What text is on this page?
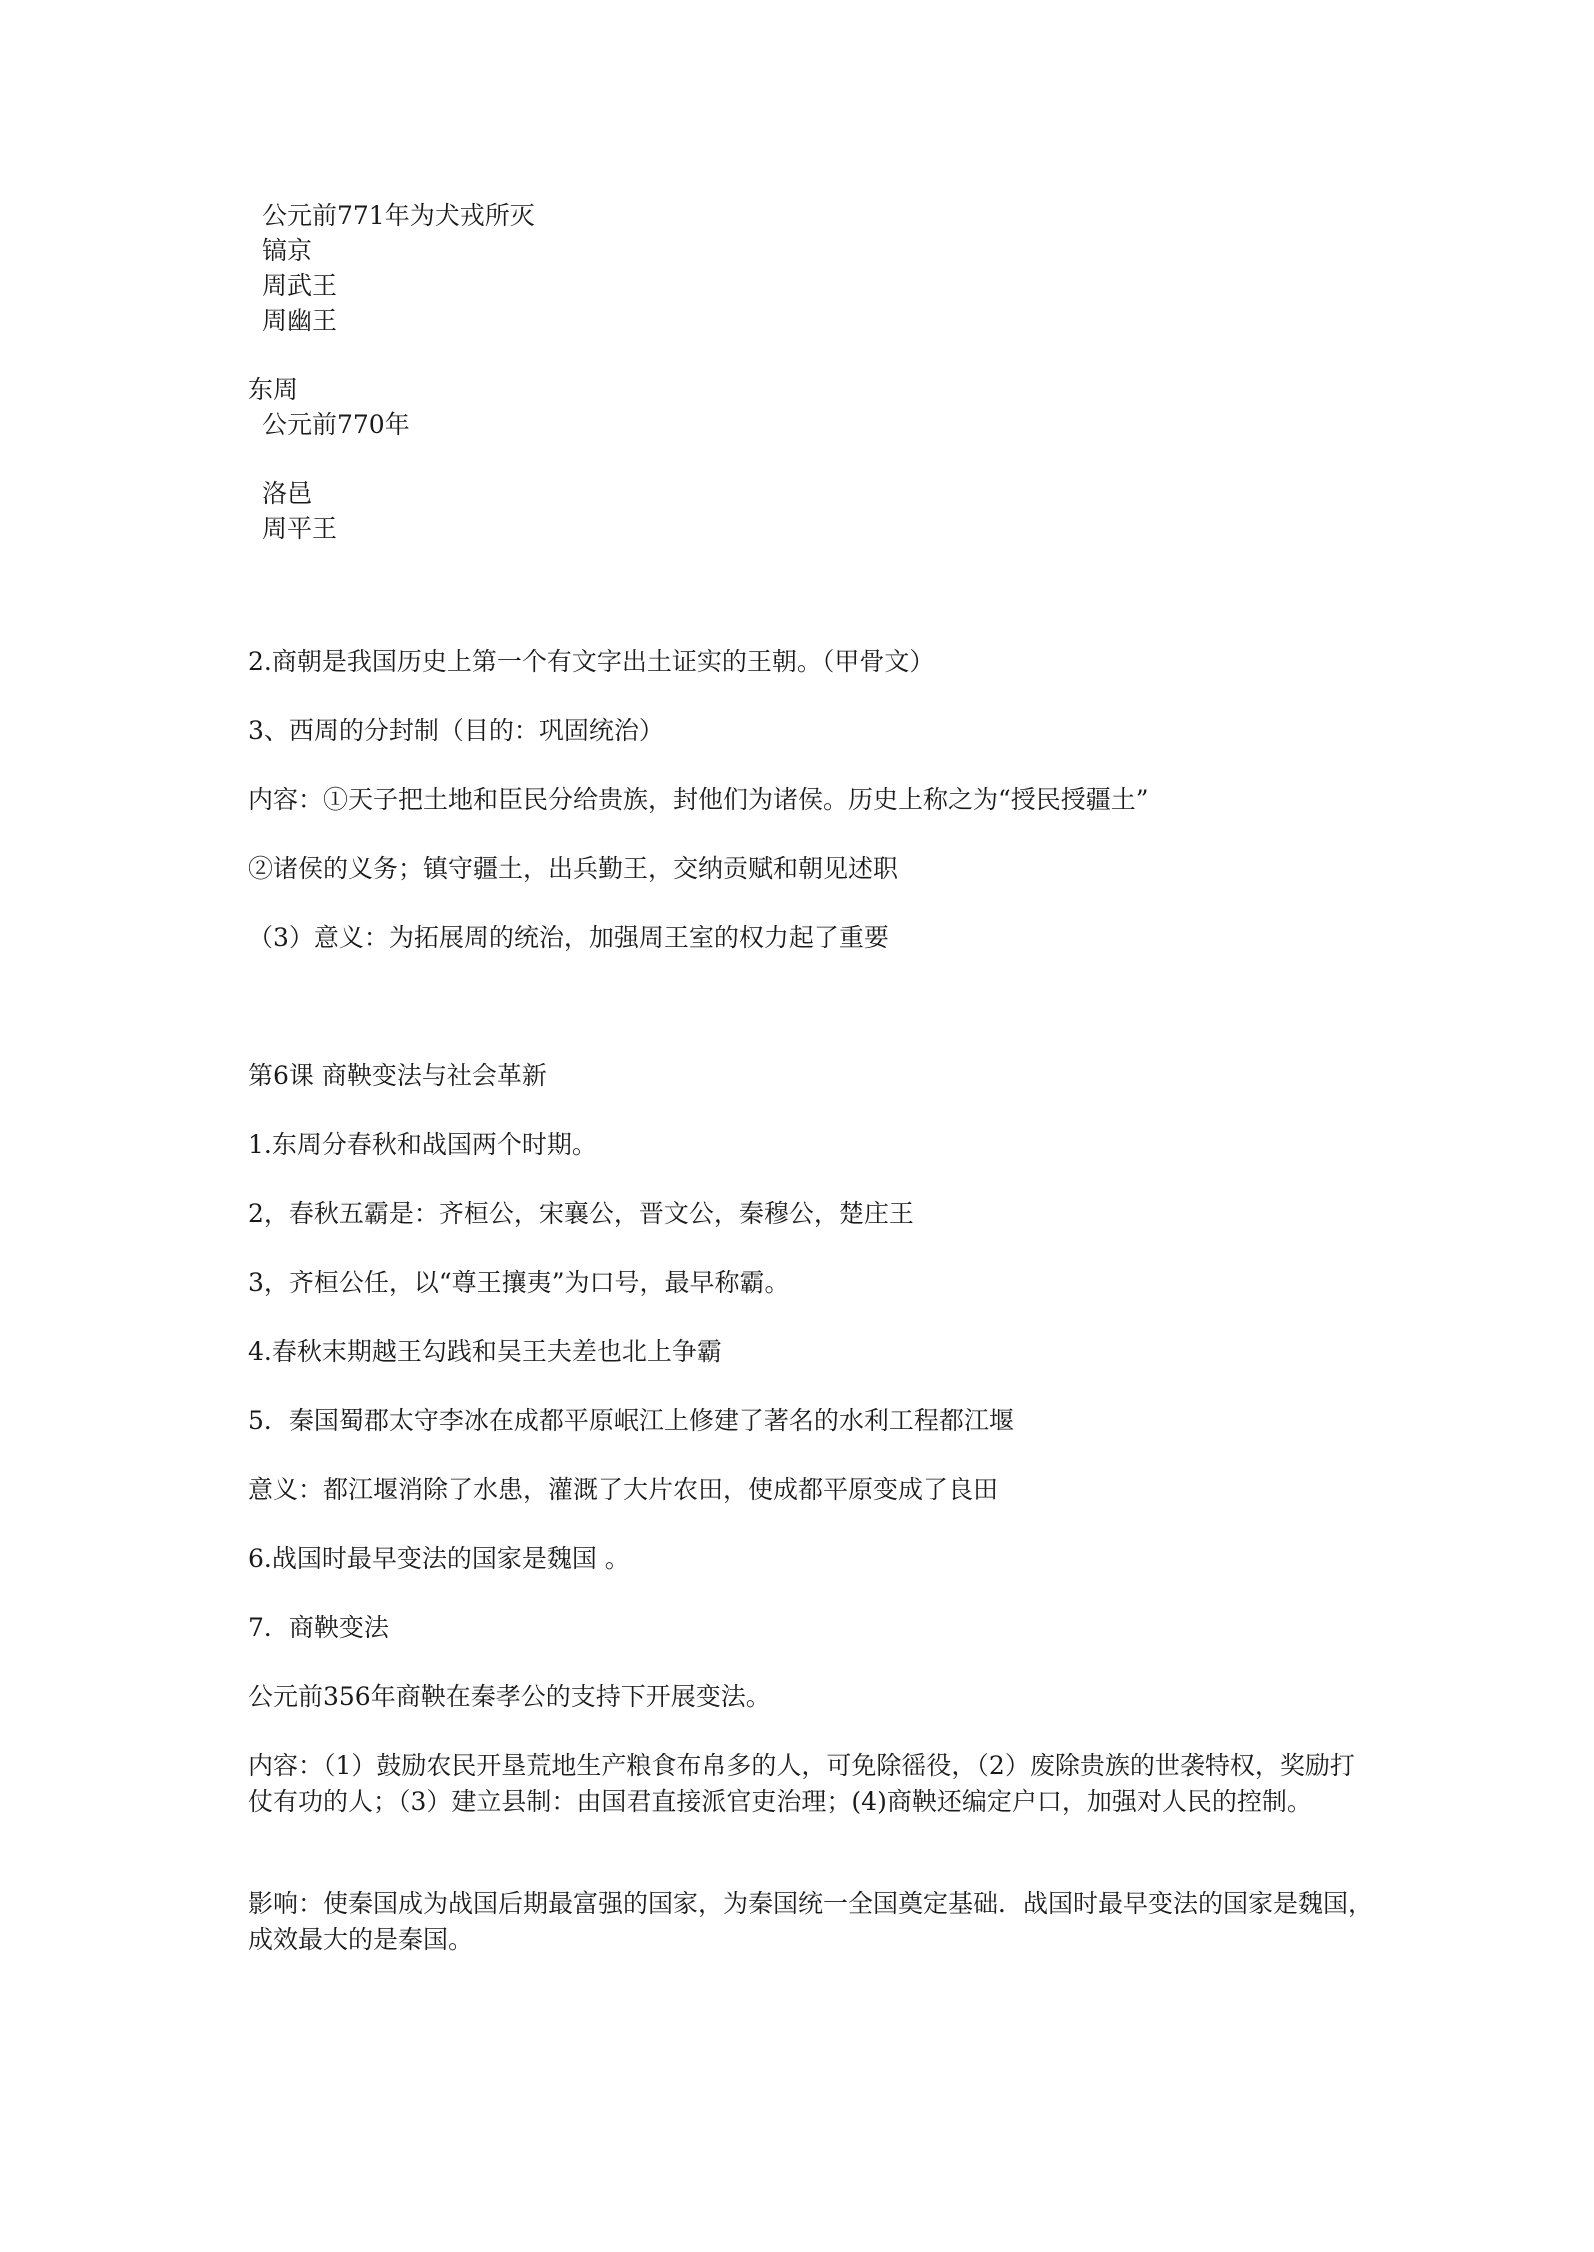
公元前771年为犬戎所灭
镐京
周武王
周幽王
东周
公元前770年
洛邑
周平王
2.商朝是我国历史上第一个有文字出土证实的王朝。（甲骨文）
3、西周的分封制（目的：巩固统治）
内容：①天子把土地和臣民分给贵族，封他们为诸侯。历史上称之为“授民授疆土”
②诸侯的义务；镇守疆土，出兵勤王，交纳贡赋和朝见述职
（3）意义：为拓展周的统治，加强周王室的权力起了重要
第6课 商鞅变法与社会革新
1.东周分春秋和战国两个时期。
2，春秋五霸是：齐桓公，宋襄公，晋文公，秦穆公，楚庄王
3，齐桓公任，以“尊王攘夷”为口号，最早称霸。
4.春秋末期越王勾践和吴王夫差也北上争霸
5．秦国蜀郡太守李冰在成都平原岷江上修建了著名的水利工程都江堰
意义：都江堰消除了水患，灌溉了大片农田，使成都平原变成了良田
6.战国时最早变法的国家是魏国 。
7．商鞅变法
公元前356年商鞅在秦孝公的支持下开展变法。
内容：（1）鼓励农民开垦荒地生产粮食布帛多的人，可免除徭役，（2）废除贵族的世袭特权，奖励打仗有功的人；（3）建立县制：由国君直接派官吏治理；(4)商鞅还编定户口，加强对人民的控制。
影响：使秦国成为战国后期最富强的国家，为秦国统一全国奠定基础．战国时最早变法的国家是魏国，成效最大的是秦国。
